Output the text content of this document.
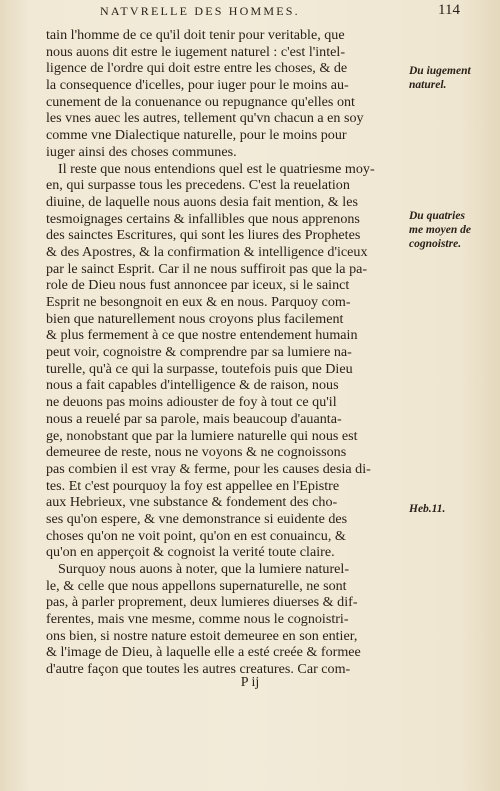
NATVRELLE DES HOMMES.	114
tain l'homme de ce qu'il doit tenir pour veritable, que
nous auons dit estre le iugement naturel : c'est l'intel-
ligence de l'ordre qui doit estre entre les choses, & de
la consequence d'icelles, pour iuger pour le moins au-
cunement de la conuenance ou repugnance qu'elles ont
les vnes auec les autres, tellement qu'vn chacun a en soy
comme vne Dialectique naturelle, pour le moins pour
iuger ainsi des choses communes.
Il reste que nous entendions quel est le quatriesme moy-
en, qui surpasse tous les precedens. C'est la reuelation
diuine, de laquelle nous auons desia fait mention, & les
tesmoignages certains & infallibles que nous apprenons
des sainctes Escritures, qui sont les liures des Prophetes
& des Apostres, & la confirmation & intelligence d'iceux
par le sainct Esprit. Car il ne nous suffiroit pas que la pa-
role de Dieu nous fust annoncee par iceux, si le sainct
Esprit ne besongnoit en eux & en nous. Parquoy com-
bien que naturellement nous croyons plus facilement
& plus fermement à ce que nostre entendement humain
peut voir, cognoistre & comprendre par sa lumiere na-
turelle, qu'à ce qui la surpasse, toutefois puis que Dieu
nous a fait capables d'intelligence & de raison, nous
ne deuons pas moins adiouster de foy à tout ce qu'il
nous a reuelé par sa parole, mais beaucoup d'auanta-
ge, nonobstant que par la lumiere naturelle qui nous est
demeuree de reste, nous ne voyons & ne cognoissons
pas combien il est vray & ferme, pour les causes desia di-
tes. Et c'est pourquoy la foy est appellee en l'Epistre
aux Hebrieux, vne substance & fondement des cho-
ses qu'on espere, & vne demonstrance si euidente des
choses qu'on ne voit point, qu'on en est conuaincu, &
qu'on en apperçoit & cognoist la verité toute claire.
Surquoy nous auons à noter, que la lumiere naturel-
le, & celle que nous appellons supernaturelle, ne sont
pas, à parler proprement, deux lumieres diuerses & dif-
ferentes, mais vne mesme, comme nous le cognoistri-
ons bien, si nostre nature estoit demeuree en son entier,
& l'image de Dieu, à laquelle elle a esté creée & formee
d'autre façon que toutes les autres creatures. Car com-
Du iugement
naturel.
Du quatries
me moyen de
cognoistre.
Heb.11.
P ij
